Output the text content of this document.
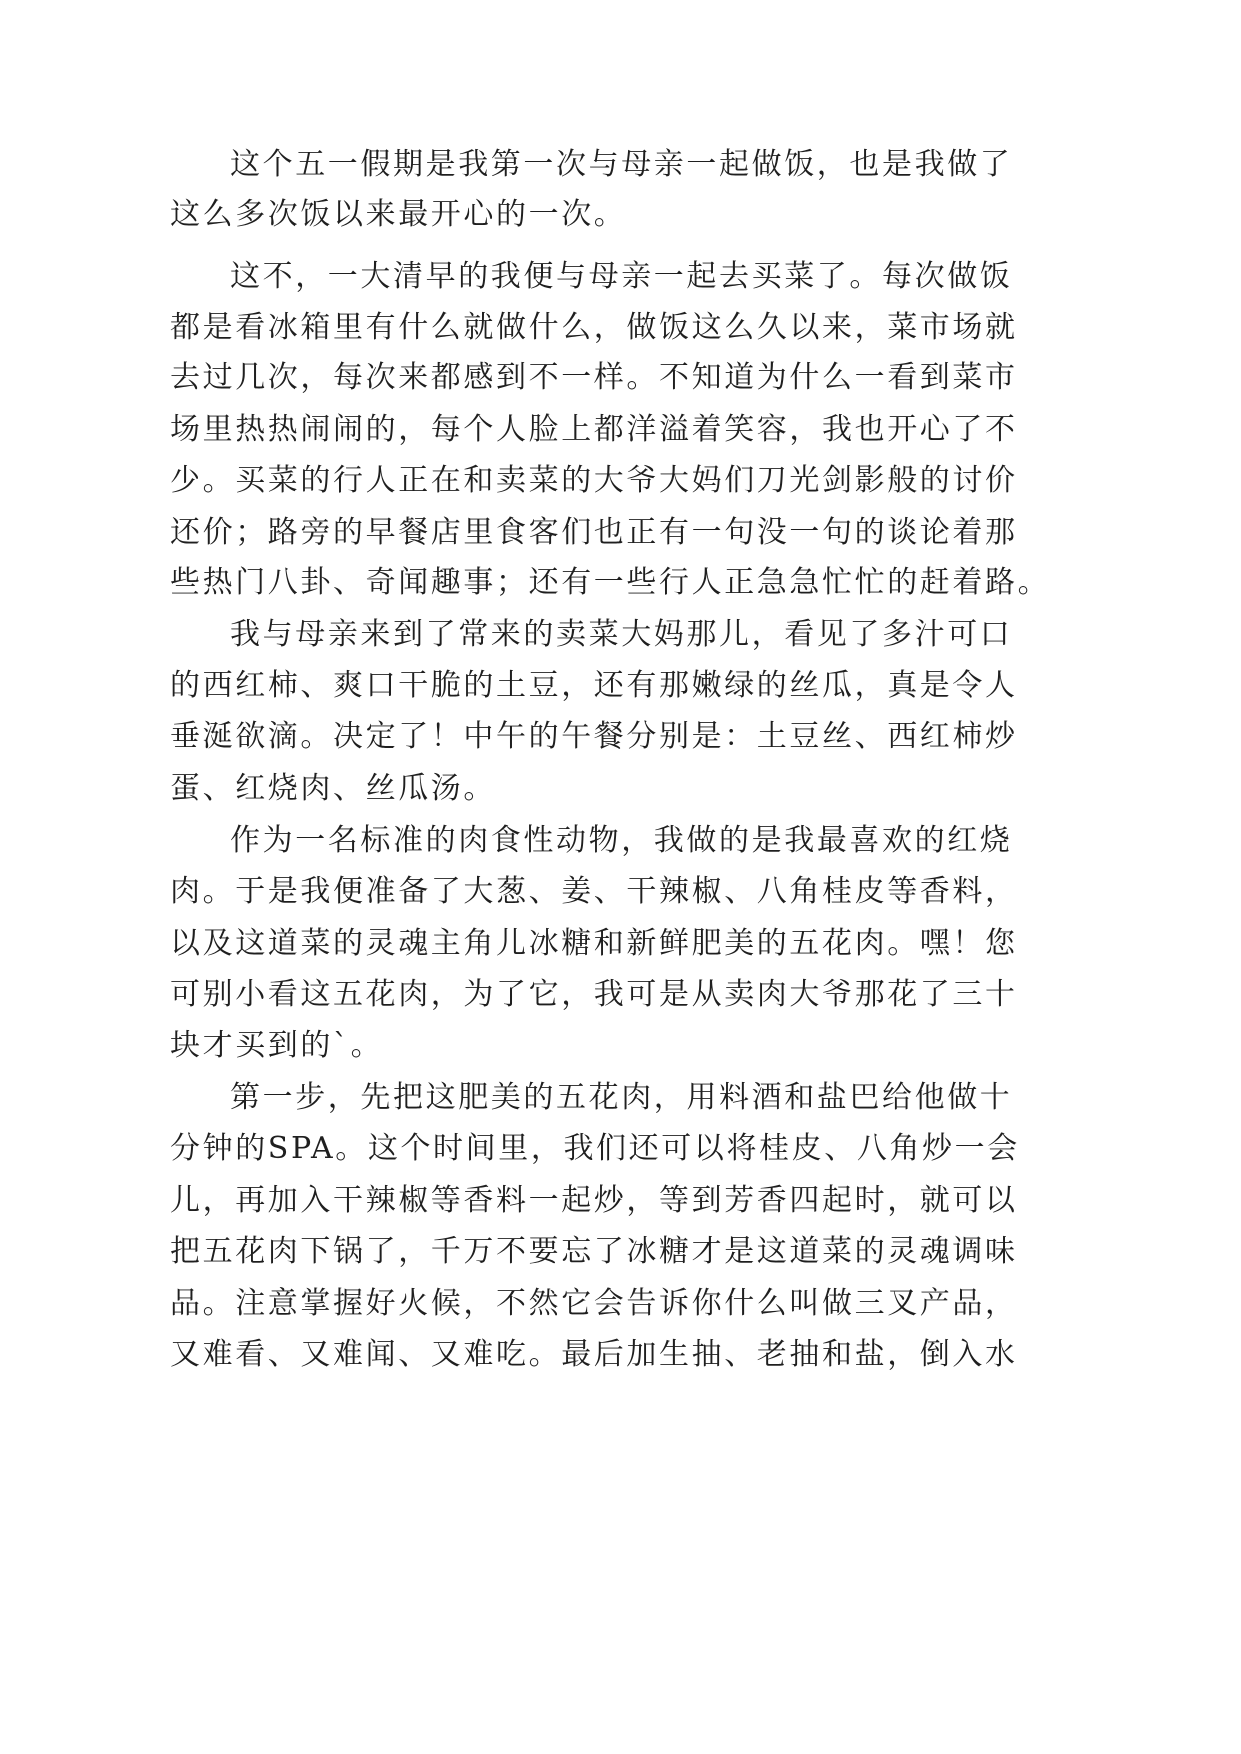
这个五一假期是我第一次与母亲一起做饭，也是我做了

这么多次饭以来最开心的一次。

这不，一大清早的我便与母亲一起去买菜了。每次做饭

都是看冰箱里有什么就做什么，做饭这么久以来，菜市场就

去过几次，每次来都感到不一样。不知道为什么一看到菜市

场里热热闹闹的，每个人脸上都洋溢着笑容，我也开心了不

少。买菜的行人正在和卖菜的大爷大妈们刀光剑影般的讨价

还价；路旁的早餐店里食客们也正有一句没一句的谈论着那

些热门八卦、奇闻趣事；还有一些行人正急急忙忙的赶着路。

我与母亲来到了常来的卖菜大妈那儿，看见了多汁可口

的西红柿、爽口干脆的土豆，还有那嫩绿的丝瓜，真是令人

垂涎欲滴。决定了！中午的午餐分别是：土豆丝、西红柿炒

蛋、红烧肉、丝瓜汤。

作为一名标准的肉食性动物，我做的是我最喜欢的红烧

肉。于是我便准备了大葱、姜、干辣椒、八角桂皮等香料，

以及这道菜的灵魂主角儿冰糖和新鲜肥美的五花肉。嘿！您

可别小看这五花肉，为了它，我可是从卖肉大爷那花了三十

块才买到的`。

第一步，先把这肥美的五花肉，用料酒和盐巴给他做十

分钟的SPA。这个时间里，我们还可以将桂皮、八角炒一会

儿，再加入干辣椒等香料一起炒，等到芳香四起时，就可以

把五花肉下锅了，千万不要忘了冰糖才是这道菜的灵魂调味

品。注意掌握好火候，不然它会告诉你什么叫做三叉产品，

又难看、又难闻、又难吃。最后加生抽、老抽和盐，倒入水
